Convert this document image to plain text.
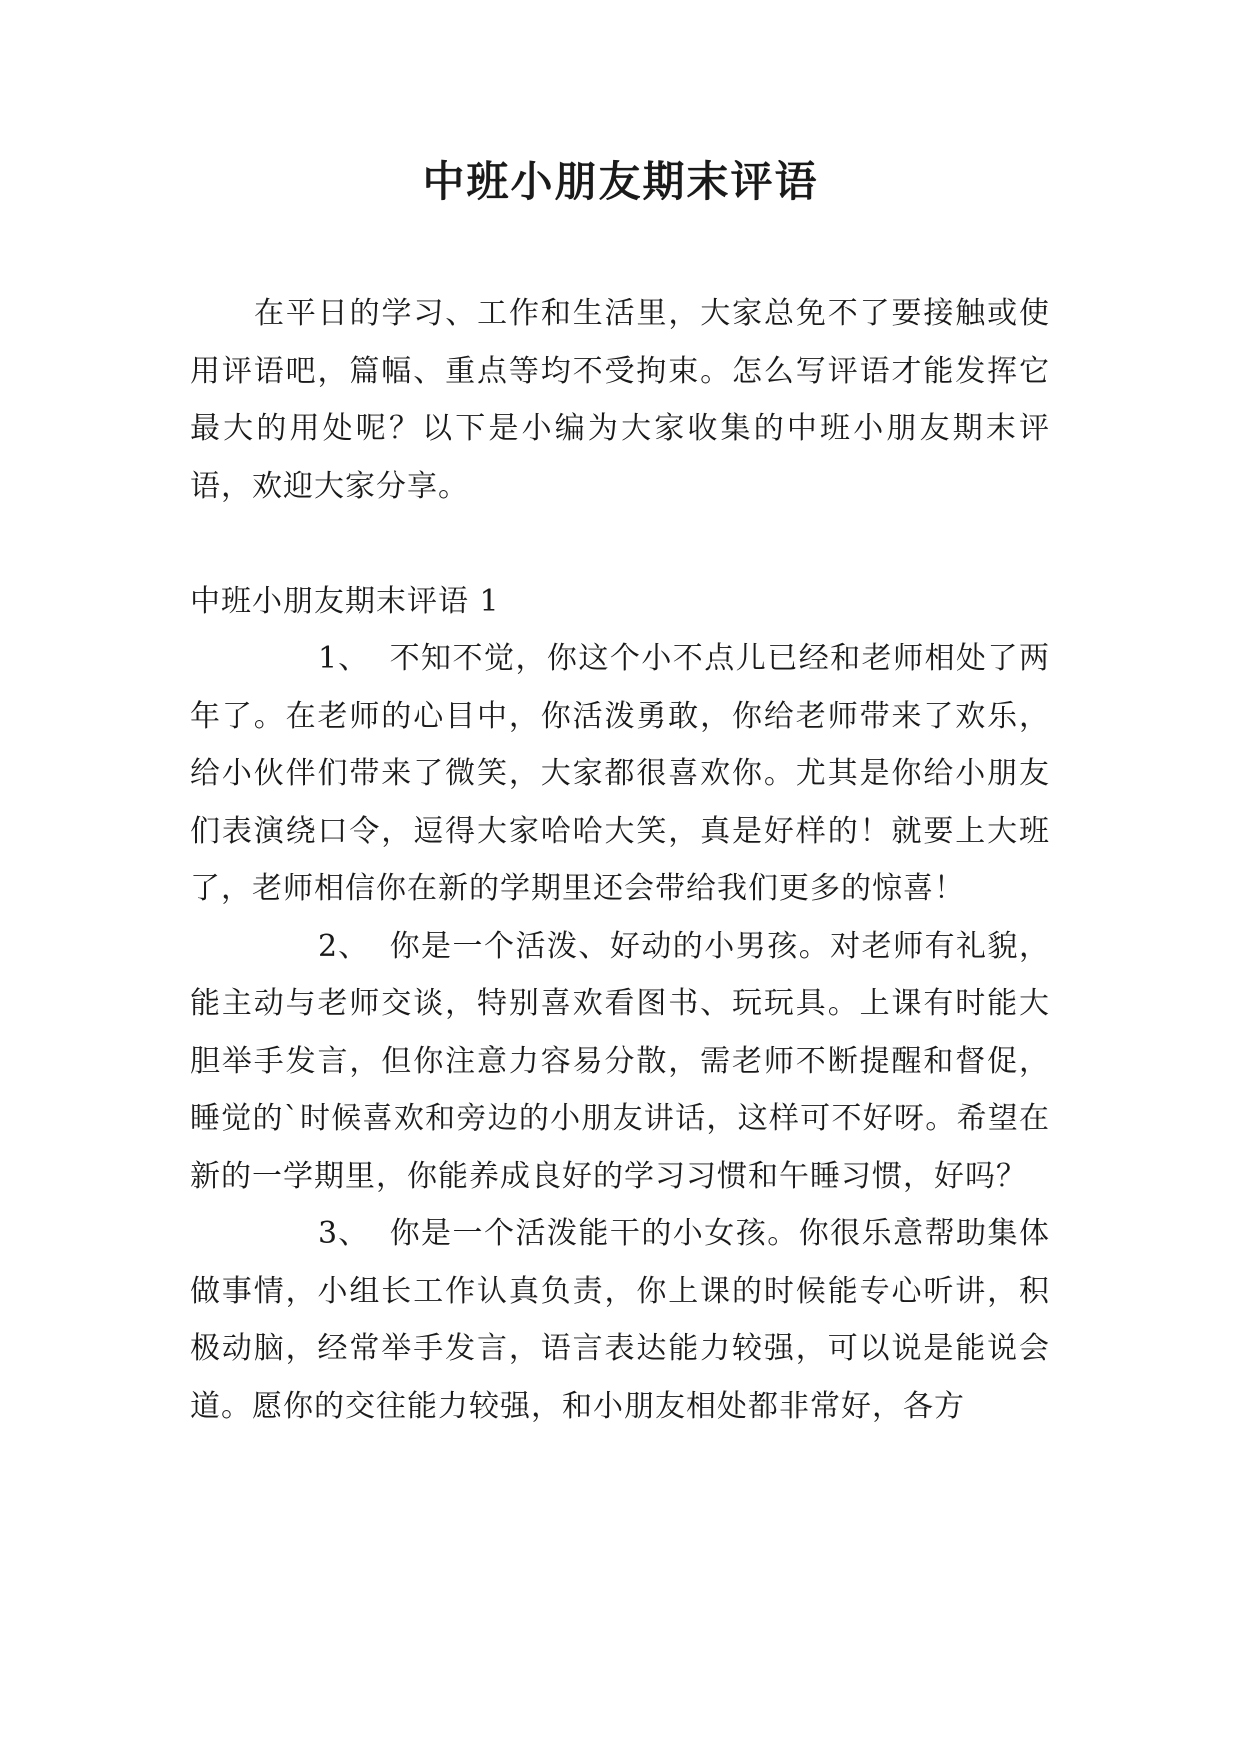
中班小朋友期末评语

在平日的学习、工作和生活里，大家总免不了要接触或使用评语吧，篇幅、重点等均不受拘束。怎么写评语才能发挥它最大的用处呢？以下是小编为大家收集的中班小朋友期末评语，欢迎大家分享。

中班小朋友期末评语 1

1、 不知不觉，你这个小不点儿已经和老师相处了两年了。在老师的心目中，你活泼勇敢，你给老师带来了欢乐，给小伙伴们带来了微笑，大家都很喜欢你。尤其是你给小朋友们表演绕口令，逗得大家哈哈大笑，真是好样的！就要上大班了，老师相信你在新的学期里还会带给我们更多的惊喜！

2、 你是一个活泼、好动的小男孩。对老师有礼貌，能主动与老师交谈，特别喜欢看图书、玩玩具。上课有时能大胆举手发言，但你注意力容易分散，需老师不断提醒和督促，睡觉的`时候喜欢和旁边的小朋友讲话，这样可不好呀。希望在新的一学期里，你能养成良好的学习习惯和午睡习惯，好吗？

3、 你是一个活泼能干的小女孩。你很乐意帮助集体做事情，小组长工作认真负责，你上课的时候能专心听讲，积极动脑，经常举手发言，语言表达能力较强，可以说是能说会道。愿你的交往能力较强，和小朋友相处都非常好，各方
